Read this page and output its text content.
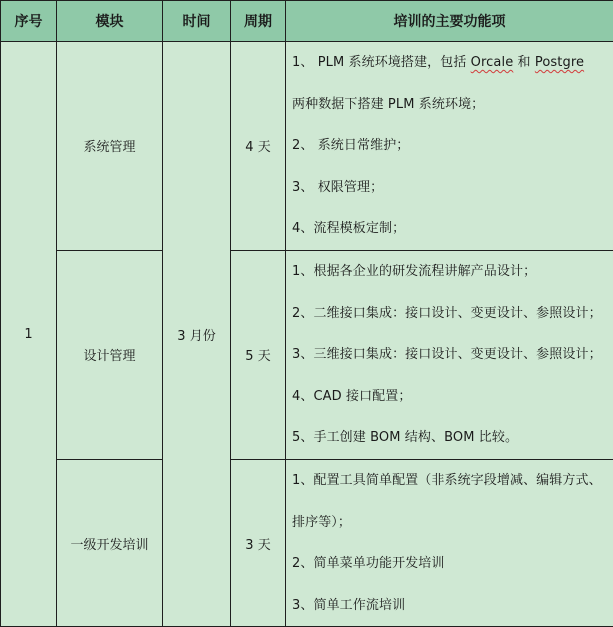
序号	模块	时间	周期	培训的主要功能项
1	系统管理	3 月份	4 天	1、 PLM 系统环境搭建，包括 Orcale 和 Postgre
两种数据下搭建 PLM 系统环境；
2、 系统日常维护；
3、 权限管理；
4、流程模板定制；

	设计管理		5 天	1、根据各企业的研发流程讲解产品设计；
2、二维接口集成：接口设计、变更设计、参照设计；
3、三维接口集成：接口设计、变更设计、参照设计；
4、CAD 接口配置；
5、手工创建 BOM 结构、BOM 比较。

	一级开发培训		3 天	1、配置工具简单配置（非系统字段增减、编辑方式、
排序等）；
2、简单菜单功能开发培训
3、简单工作流培训
